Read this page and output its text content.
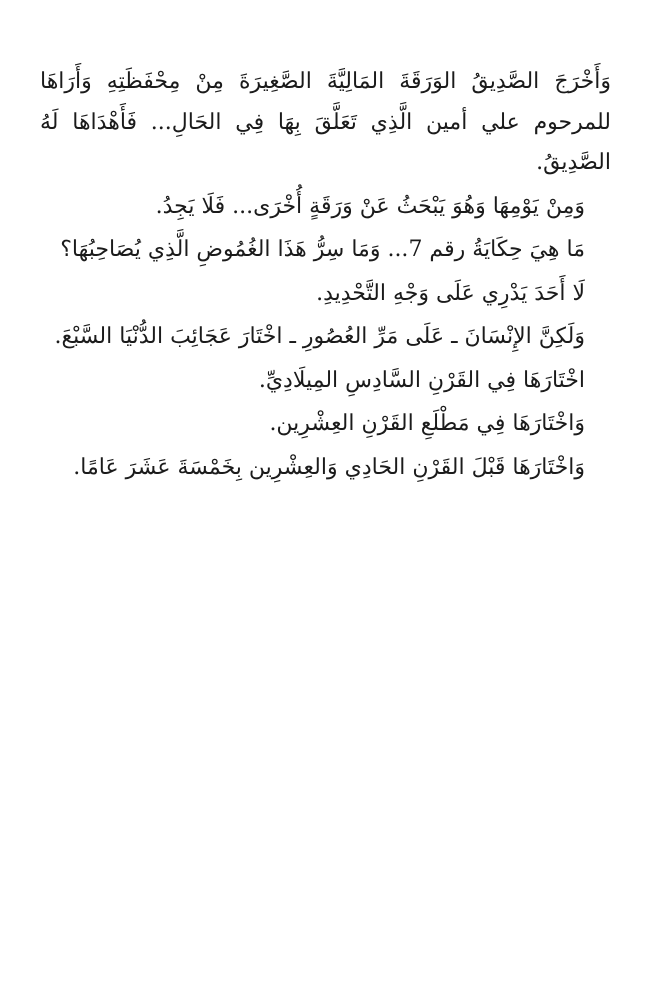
وَأَخْرَجَ الصَّدِيقُ الوَرَقَةَ المَالِيَّةَ الصَّغِيرَةَ مِنْ مِحْفَظَتِهِ وَأَرَاهَا للمرحوم علي أمين الَّذِي تَعَلَّقَ بِهَا فِي الحَالِ... فَأَهْدَاهَا لَهُ الصَّدِيقُ.

وَمِنْ يَوْمِهَا وَهُوَ يَبْحَثُ عَنْ وَرَقَةٍ أُخْرَى... فَلَا يَجِدُ.

مَا هِيَ حِكَايَةُ رقم 7... وَمَا سِرُّ هَذَا الغُمُوضِ الَّذِي يُصَاحِبُهَا؟

لَا أَحَدَ يَدْرِي عَلَى وَجْهِ التَّحْدِيدِ.

وَلَكِنَّ الإِنْسَانَ ـ عَلَى مَرِّ العُصُورِ ـ اخْتَارَ عَجَائِبَ الدُّنْيَا السَّبْعَ.

اخْتَارَهَا فِي القَرْنِ السَّادِسِ المِيلَادِيِّ.

وَاخْتَارَهَا فِي مَطْلَعِ القَرْنِ العِشْرِين.

وَاخْتَارَهَا قَبْلَ القَرْنِ الحَادِي وَالعِشْرِين بِخَمْسَةَ عَشَرَ عَامًا.
